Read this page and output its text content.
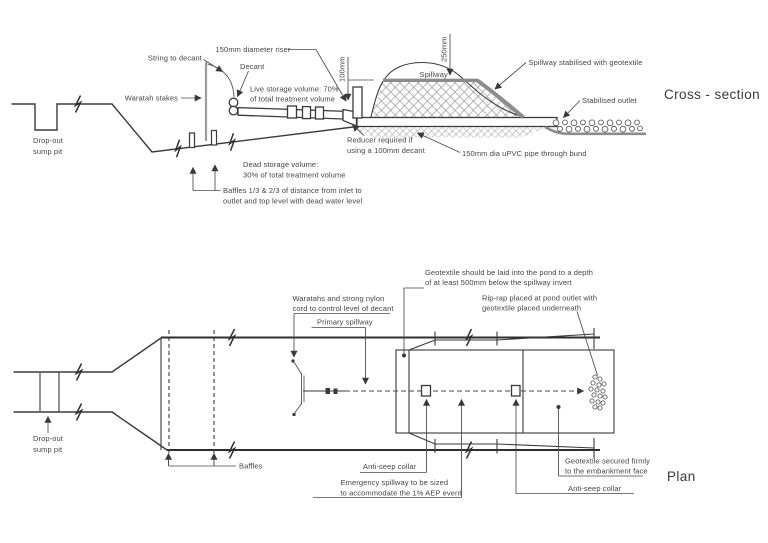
100mm
250mm
Drop-out
sump pit
Waratah stakes
String to decant
150mm diameter riser
Decant
Live storage volume: 70%
of total treatment volume
Spillway
Spillway stabilised with geotextile
Stabilised outlet
Reducer required if
using a 100mm decant	150mm dia uPVC pipe through bund
Dead storage volume:
30% of total treatment volume
Baffles 1/3 & 2/3 of distance from inlet to
outlet and top level with dead water level
Cross - section
Drop-out
sump pit
Waratahs and strong nylon
cord to control level of decant
Primary spillway
Geotextile should be laid into the pond to a depth
of at least 500mm below the spillway invert
Rip-rap placed at pond outlet with
geotextile placed underneath
Baffles	Anti-seep collar
Emergency spillway to be sized
to accommodate the 1% AEP event
Geotextile secured firmly
to the embankment face
Anti-seep collar
Plan
